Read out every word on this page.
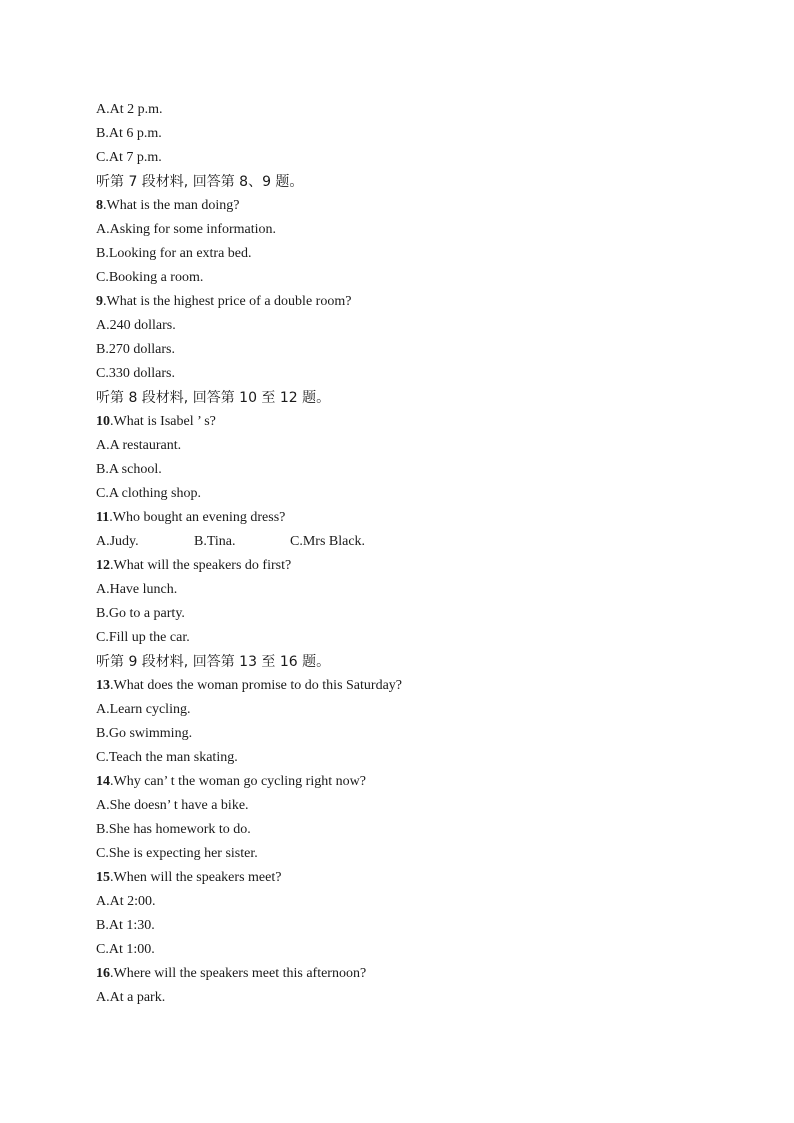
A.At 2 p.m.
B.At 6 p.m.
C.At 7 p.m.
听第 7 段材料, 回答第 8、9 题。
8.What is the man doing?
A.Asking for some information.
B.Looking for an extra bed.
C.Booking a room.
9.What is the highest price of a double room?
A.240 dollars.
B.270 dollars.
C.330 dollars.
听第 8 段材料, 回答第 10 至 12 题。
10.What is Isabel ’ s?
A.A restaurant.
B.A school.
C.A clothing shop.
11.Who bought an evening dress?
A.Judy.	B.Tina.	C.Mrs Black.
12.What will the speakers do first?
A.Have lunch.
B.Go to a party.
C.Fill up the car.
听第 9 段材料, 回答第 13 至 16 题。
13.What does the woman promise to do this Saturday?
A.Learn cycling.
B.Go swimming.
C.Teach the man skating.
14.Why can’ t the woman go cycling right now?
A.She doesn’ t have a bike.
B.She has homework to do.
C.She is expecting her sister.
15.When will the speakers meet?
A.At 2:00.
B.At 1:30.
C.At 1:00.
16.Where will the speakers meet this afternoon?
A.At a park.
